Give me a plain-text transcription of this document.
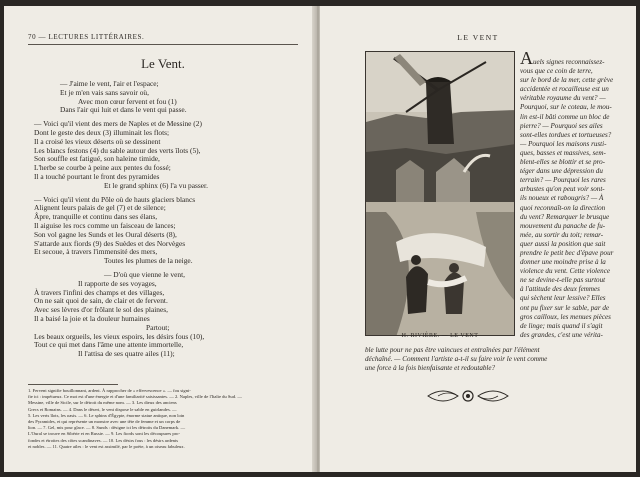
70 — LECTURES LITTÉRAIRES.
Le Vent.
— J'aime le vent, l'air et l'espace;
Et je m'en vais sans savoir où,
Avec mon cœur fervent et fou (1)
Dans l'air qui luit et dans le vent qui passe.
— Voici qu'il vient des mers de Naples et de Messine (2)
Dont le geste des deux (3) illuminait les flots;
Il a croisé les vieux déserts où se dessinent
Les blancs festons (4) du sable autour des verts îlots (5),
Son souffle est fatigué, son haleine timide,
L'herbe se courbe à peine aux pentes du fossé;
Il a touché pourtant le front des pyramides
Et le grand sphinx (6) l'a vu passer.
— Voici qu'il vient du Pôle où de hauts glaciers blancs
Alignent leurs palais de gel (7) et de silence;
Âpre, tranquille et continu dans ses élans,
Il aiguise les rocs comme un faisceau de lances;
Son vol gagne les Sunds et les Oural déserts (8),
S'attarde aux fiords (9) des Suèdes et des Norvèges
Et secoue, à travers l'immensité des mers,
Toutes les plumes de la neige.
— D'où que vienne le vent,
Il rapporte de ses voyages,
À travers l'infini des champs et des villages,
On ne sait quoi de sain, de clair et de fervent.
Avec ses lèvres d'or frôlant le sol des plaines,
Il a baisé la joie et la douleur humaines
Partout;
Les beaux orgueils, les vieux espoirs, les désirs fous (10),
Tout ce qui met dans l'âme une attente immortelle,
Il l'attisa de ses quatre ailes (11);
1. Fervent signifie bouillonnant, ardent. À rapprocher de « effervescence ». — fou signi-
fie ici : impétueux. Ce mot est d'une énergie et d'une familiarité saisissantes. — 2. Naples, ville de l'Italie du Sud. —
Messine, ville de Sicile, sur le détroit du même nom. — 3. Les dieux des anciens
Grecs et Romains. — 4. Dans le désert, le vent dispose le sable en guirlandes. —
5. Les verts îlots, les oasis. — 6. Le sphinx d'Égypte, énorme statue antique, non loin
des Pyramides, et qui représente un monstre avec une tête de femme et un corps de
lion. — 7. Gel, mis pour glace. — 8. Sunds : désigne ici les détroits du Danemark. —
L'Oural se trouve en Sibérie et en Russie. — 9. Les fiords sont les découpures pro-
fondes et étroites des côtes scandinaves. — 10. Les désirs fous : les désirs ardents
et nobles. — 11. Quatre ailes : le vent est assimilé, par le poète, à un oiseau fabuleux.
LE VENT
H. RIVIÈRE. — LE VENT
Auels signes reconnaissez-
vous que ce coin de terre,
sur le bord de la mer, cette grève
accidentée et rocailleuse est un
véritable royaume du vent? —
Pourquoi, sur le coteau, le mou-
lin est-il bâti comme un bloc de
pierre? — Pourquoi ses ailes
sont-elles tordues et tortueuses?
— Pourquoi les maisons rusti-
ques, basses et massives, sem-
blent-elles se blottir et se pro-
téger dans une dépression du
terrain? — Pourquoi les rares
arbustes qu'on peut voir sont-
ils noueux et rabougris? — À
quoi reconnaît-on la direction
du vent? Remarquer le brusque
mouvement du panache de fu-
mée, au sortir du toit; remar-
quer aussi la position que sait
prendre le petit bec d'épave pour
donner une moindre prise à la
violence du vent. Cette violence
ne se devine-t-elle pas surtout
à l'attitude des deux femmes
qui sèchent leur lessive? Elles
ont pu fixer sur le sable, par de
gros cailloux, les menues pièces
de linge; mais quand il s'agit
des grandes, c'est une vérita-
ble lutte pour ne pas être vaincues et entraînées par l'élément
déchaîné. — Comment l'artiste a-t-il su faire voir le vent comme
une force à la fois bienfaisante et redoutable?
